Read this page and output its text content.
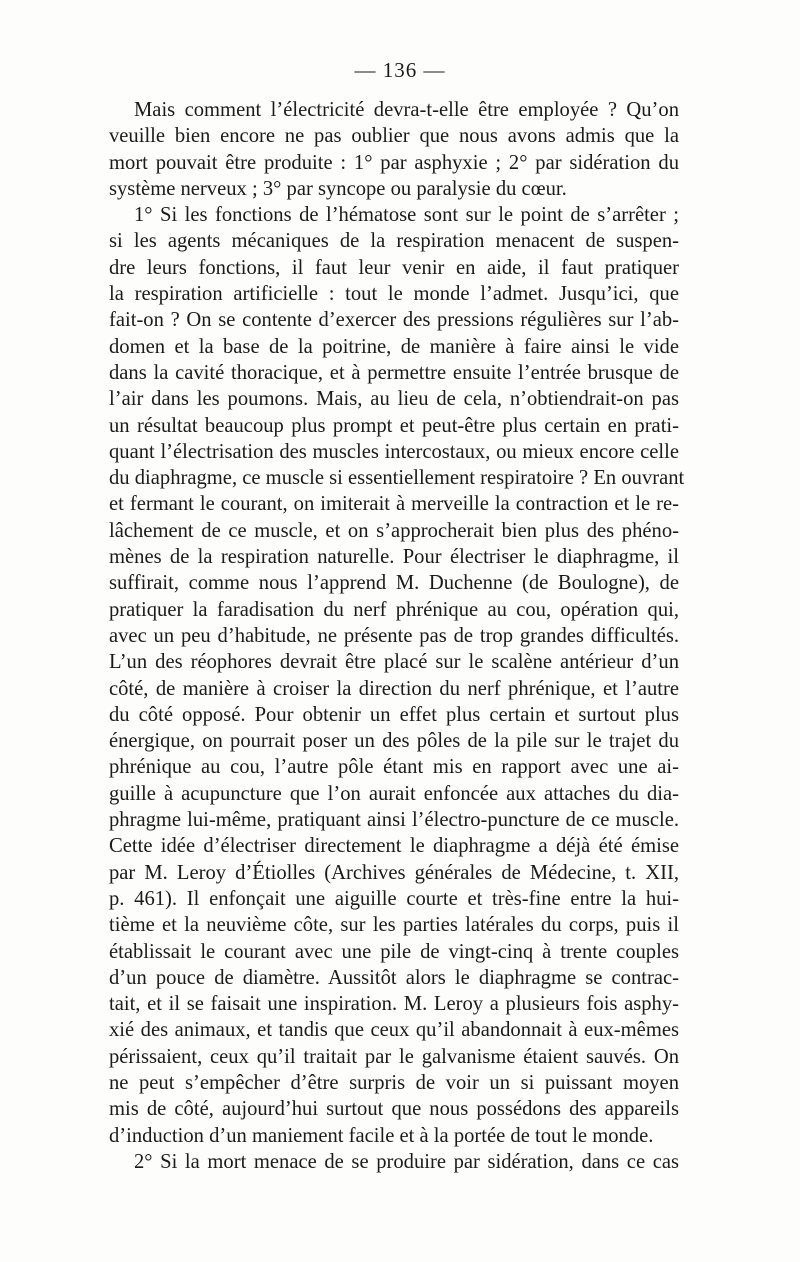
— 136 —
Mais comment l’électricité devra-t-elle être employée ? Qu’on
veuille bien encore ne pas oublier que nous avons admis que la
mort pouvait être produite : 1° par asphyxie ; 2° par sidération du
système nerveux ; 3° par syncope ou paralysie du cœur.
1° Si les fonctions de l’hématose sont sur le point de s’arrêter ;
si les agents mécaniques de la respiration menacent de suspen-
dre leurs fonctions, il faut leur venir en aide, il faut pratiquer
la respiration artificielle : tout le monde l’admet. Jusqu’ici, que
fait-on ? On se contente d’exercer des pressions régulières sur l’ab-
domen et la base de la poitrine, de manière à faire ainsi le vide
dans la cavité thoracique, et à permettre ensuite l’entrée brusque de
l’air dans les poumons. Mais, au lieu de cela, n’obtiendrait-on pas
un résultat beaucoup plus prompt et peut-être plus certain en prati-
quant l’électrisation des muscles intercostaux, ou mieux encore celle
du diaphragme, ce muscle si essentiellement respiratoire ? En ouvrant
et fermant le courant, on imiterait à merveille la contraction et le re-
lâchement de ce muscle, et on s’approcherait bien plus des phéno-
mènes de la respiration naturelle. Pour électriser le diaphragme, il
suffirait, comme nous l’apprend M. Duchenne (de Boulogne), de
pratiquer la faradisation du nerf phrénique au cou, opération qui,
avec un peu d’habitude, ne présente pas de trop grandes difficultés.
L’un des réophores devrait être placé sur le scalène antérieur d’un
côté, de manière à croiser la direction du nerf phrénique, et l’autre
du côté opposé. Pour obtenir un effet plus certain et surtout plus
énergique, on pourrait poser un des pôles de la pile sur le trajet du
phrénique au cou, l’autre pôle étant mis en rapport avec une ai-
guille à acupuncture que l’on aurait enfoncée aux attaches du dia-
phragme lui-même, pratiquant ainsi l’électro-puncture de ce muscle.
Cette idée d’électriser directement le diaphragme a déjà été émise
par M. Leroy d’Étiolles (Archives générales de Médecine, t. XII,
p. 461). Il enfonçait une aiguille courte et très-fine entre la hui-
tième et la neuvième côte, sur les parties latérales du corps, puis il
établissait le courant avec une pile de vingt-cinq à trente couples
d’un pouce de diamètre. Aussitôt alors le diaphragme se contrac-
tait, et il se faisait une inspiration. M. Leroy a plusieurs fois asphy-
xié des animaux, et tandis que ceux qu’il abandonnait à eux-mêmes
périssaient, ceux qu’il traitait par le galvanisme étaient sauvés. On
ne peut s’empêcher d’être surpris de voir un si puissant moyen
mis de côté, aujourd’hui surtout que nous possédons des appareils
d’induction d’un maniement facile et à la portée de tout le monde.
2° Si la mort menace de se produire par sidération, dans ce cas
